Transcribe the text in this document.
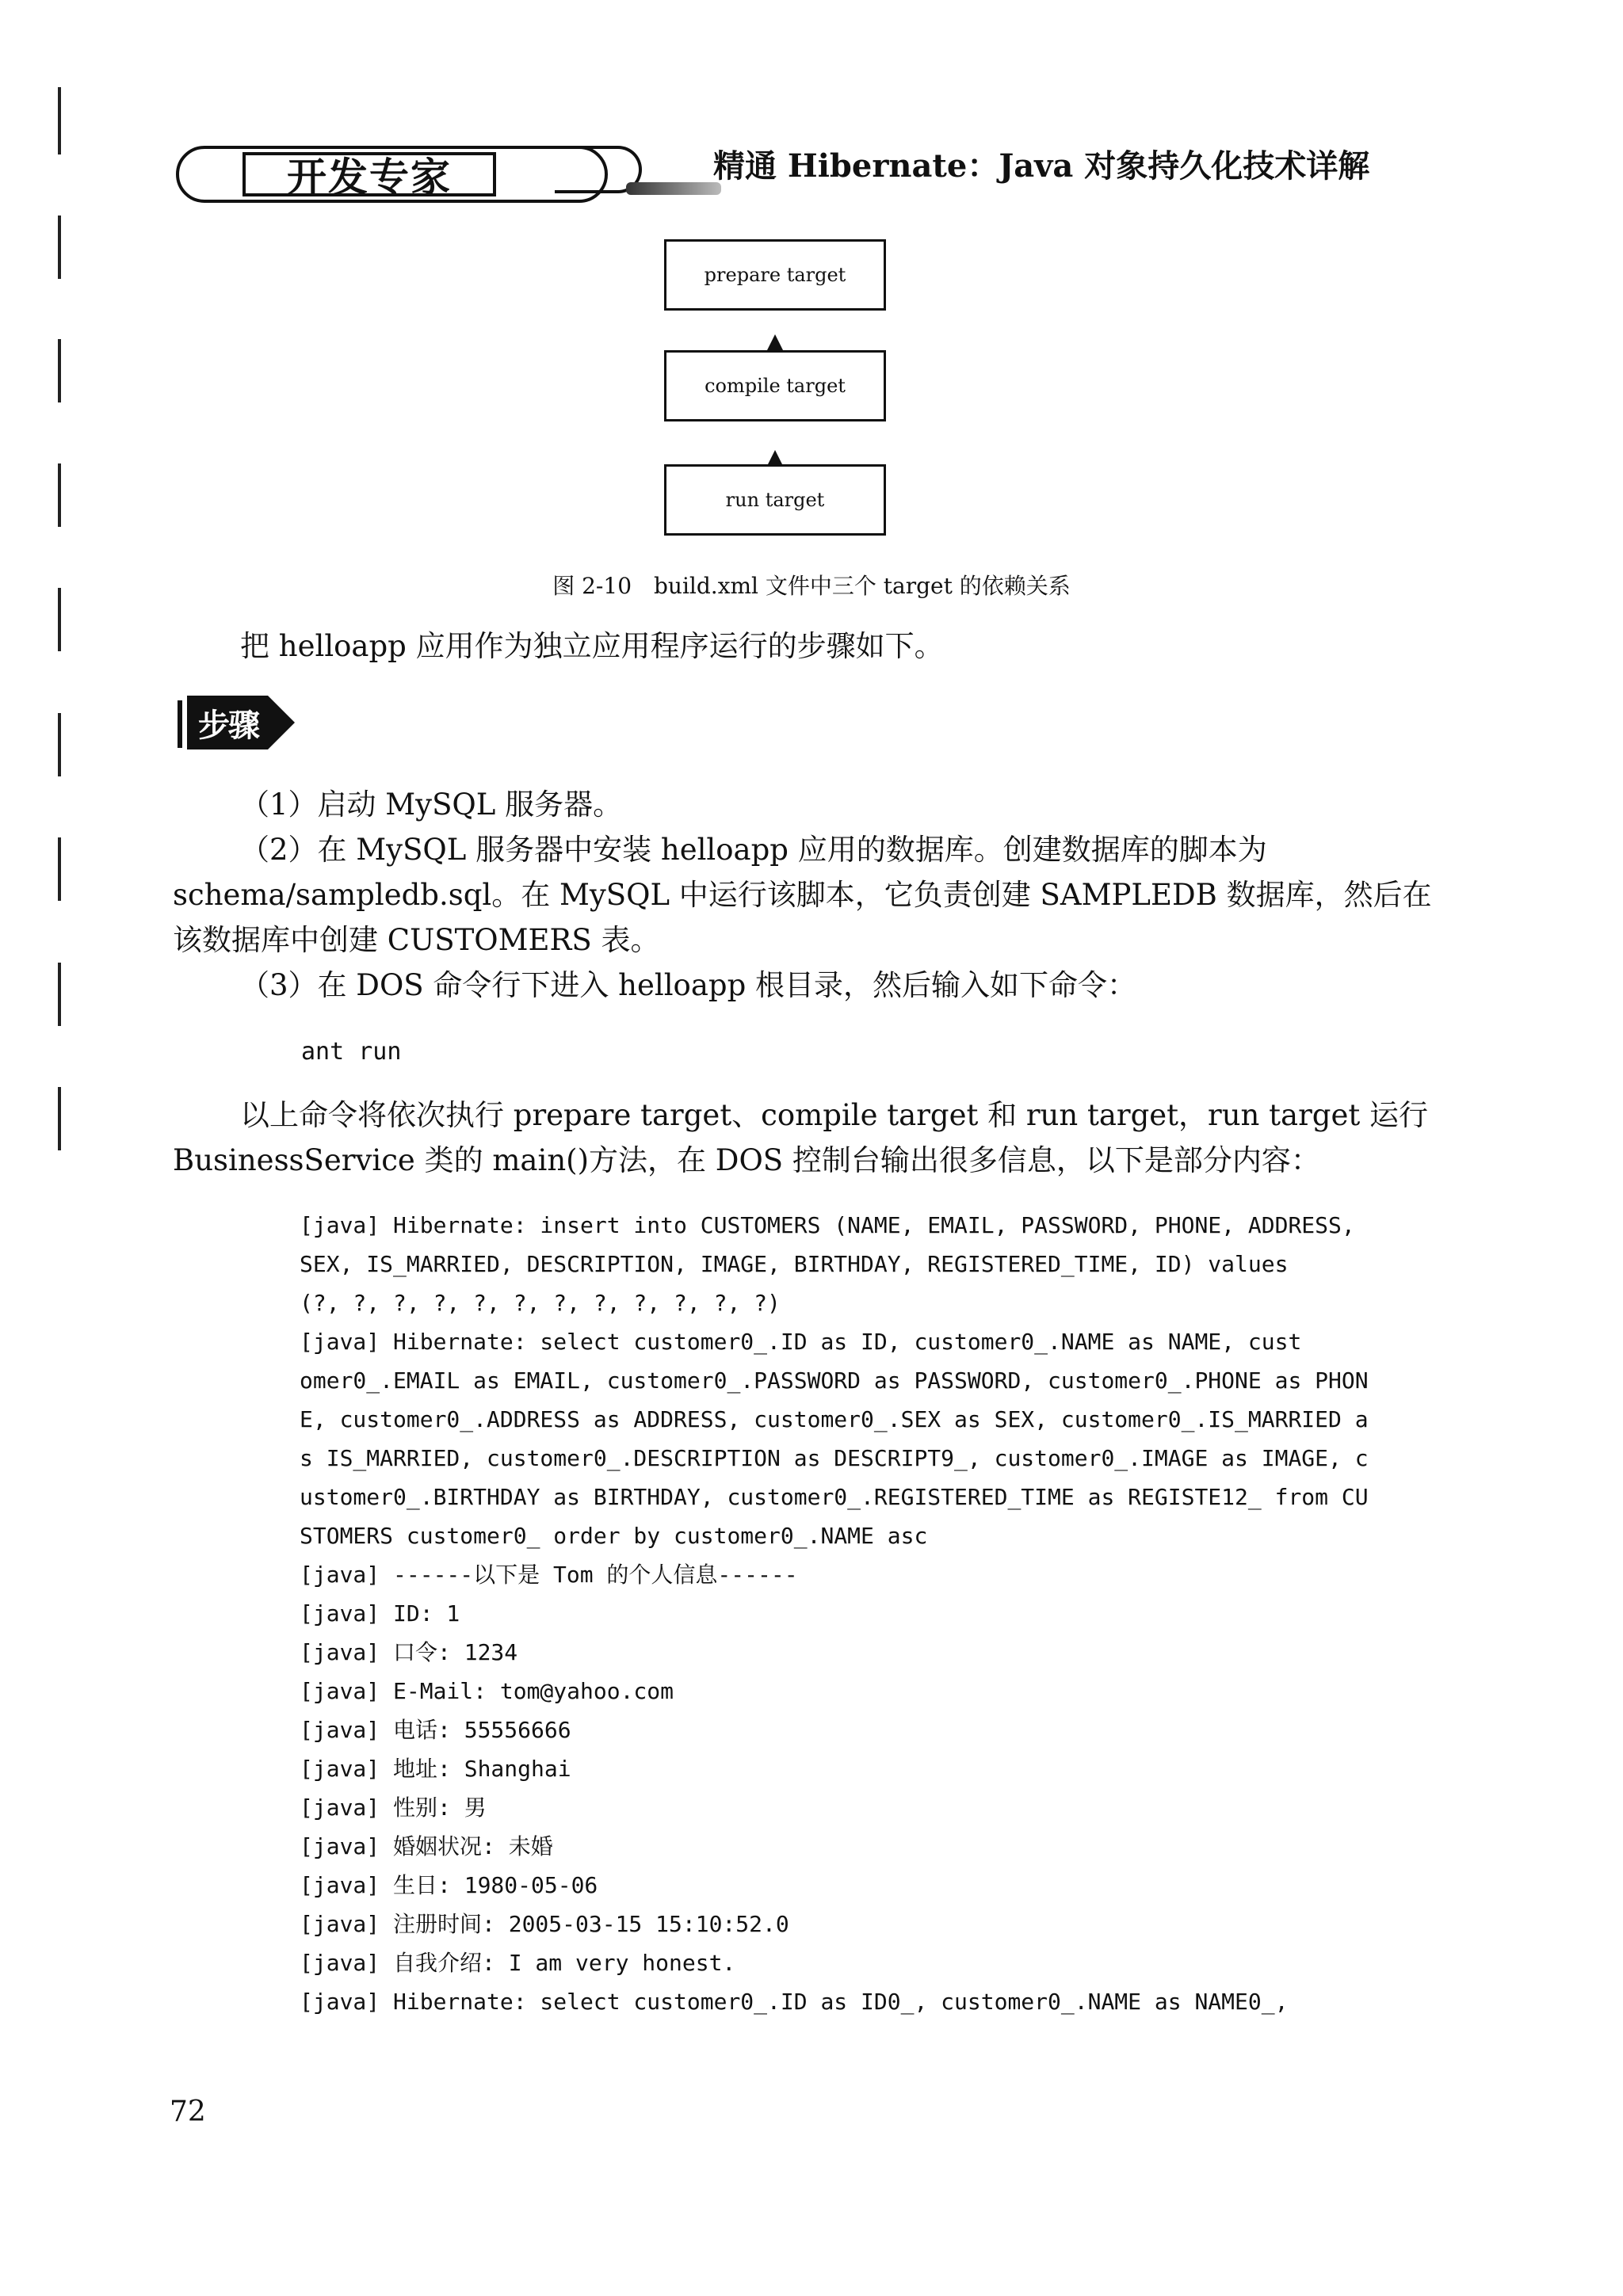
开发专家	精通 Hibernate：Java 对象持久化技术详解
prepare target
compile target
run target
图 2-10　build.xml 文件中三个 target 的依赖关系
把 helloapp 应用作为独立应用程序运行的步骤如下。
步骤
（1）启动 MySQL 服务器。
（2）在 MySQL 服务器中安装 helloapp 应用的数据库。创建数据库的脚本为
schema/sampledb.sql。在 MySQL 中运行该脚本，它负责创建 SAMPLEDB 数据库，然后在
该数据库中创建 CUSTOMERS 表。
（3）在 DOS 命令行下进入 helloapp 根目录，然后输入如下命令：
ant run
以上命令将依次执行 prepare target、compile target 和 run target，run target 运行
BusinessService 类的 main()方法，在 DOS 控制台输出很多信息，以下是部分内容：
[java] Hibernate: insert into CUSTOMERS (NAME, EMAIL, PASSWORD, PHONE, ADDRESS,
SEX, IS_MARRIED, DESCRIPTION, IMAGE, BIRTHDAY, REGISTERED_TIME, ID) values
(?, ?, ?, ?, ?, ?, ?, ?, ?, ?, ?, ?)
[java] Hibernate: select customer0_.ID as ID, customer0_.NAME as NAME, cust
omer0_.EMAIL as EMAIL, customer0_.PASSWORD as PASSWORD, customer0_.PHONE as PHON
E, customer0_.ADDRESS as ADDRESS, customer0_.SEX as SEX, customer0_.IS_MARRIED a
s IS_MARRIED, customer0_.DESCRIPTION as DESCRIPT9_, customer0_.IMAGE as IMAGE, c
ustomer0_.BIRTHDAY as BIRTHDAY, customer0_.REGISTERED_TIME as REGISTE12_ from CU
STOMERS customer0_ order by customer0_.NAME asc
[java] ------以下是 Tom 的个人信息------
[java] ID: 1
[java] 口令: 1234
[java] E-Mail: tom@yahoo.com
[java] 电话: 55556666
[java] 地址: Shanghai
[java] 性别: 男
[java] 婚姻状况: 未婚
[java] 生日: 1980-05-06
[java] 注册时间: 2005-03-15 15:10:52.0
[java] 自我介绍: I am very honest.
[java] Hibernate: select customer0_.ID as ID0_, customer0_.NAME as NAME0_,
72
